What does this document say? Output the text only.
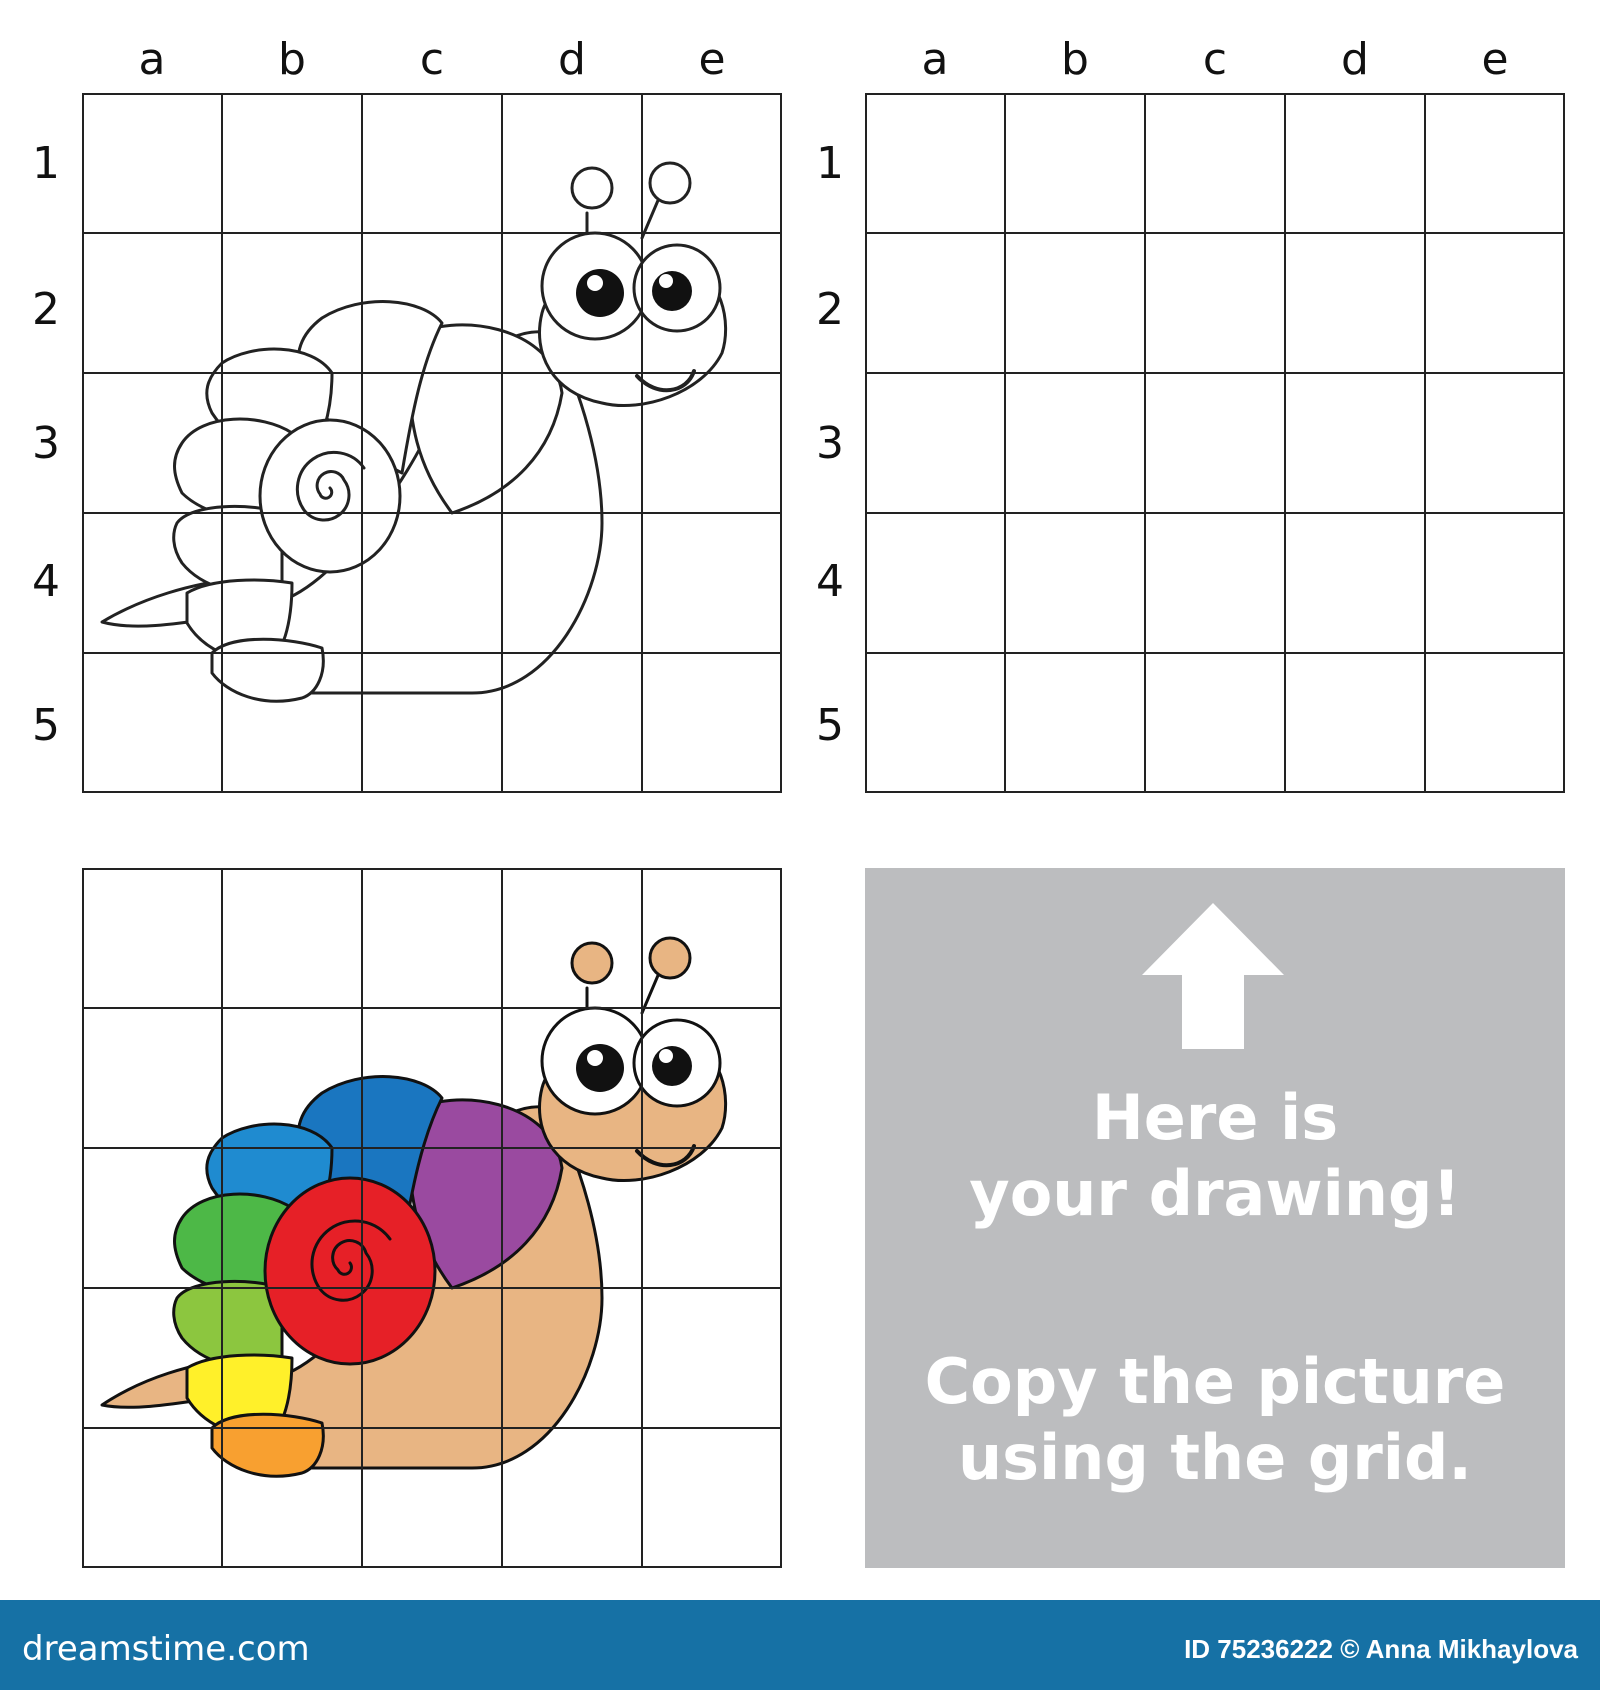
a	b	c	d	e	a	b	c	d	e
1
2
3
4
5
1
2
3
4
5
Here is
your drawing!
Copy the picture
using the grid.
dreamstime.com	ID 75236222 © Anna Mikhaylova
